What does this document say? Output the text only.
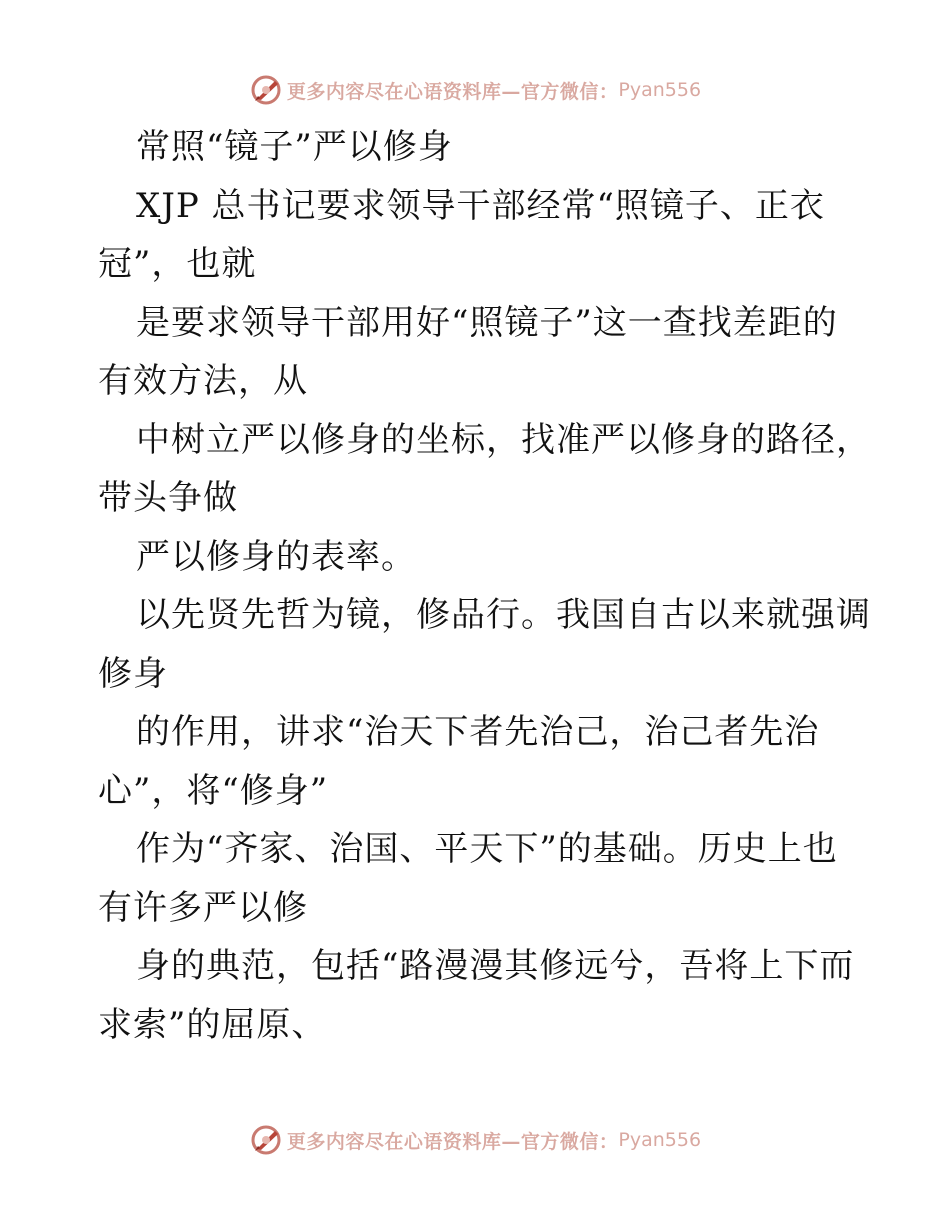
更多内容尽在心语资料库—官方微信： Pyan556
常照“镜子”严以修身
XJP 总书记要求领导干部经常“照镜子、正衣
冠”，也就
是要求领导干部用好“照镜子”这一查找差距的
有效方法，从
中树立严以修身的坐标，找准严以修身的路径，
带头争做
严以修身的表率。
以先贤先哲为镜，修品行。我国自古以来就强调
修身
的作用，讲求“治天下者先治己，治己者先治
心”，将“修身”
作为“齐家、治国、平天下”的基础。历史上也
有许多严以修
身的典范，包括“路漫漫其修远兮，吾将上下而
求索”的屈原、
更多内容尽在心语资料库—官方微信： Pyan556
